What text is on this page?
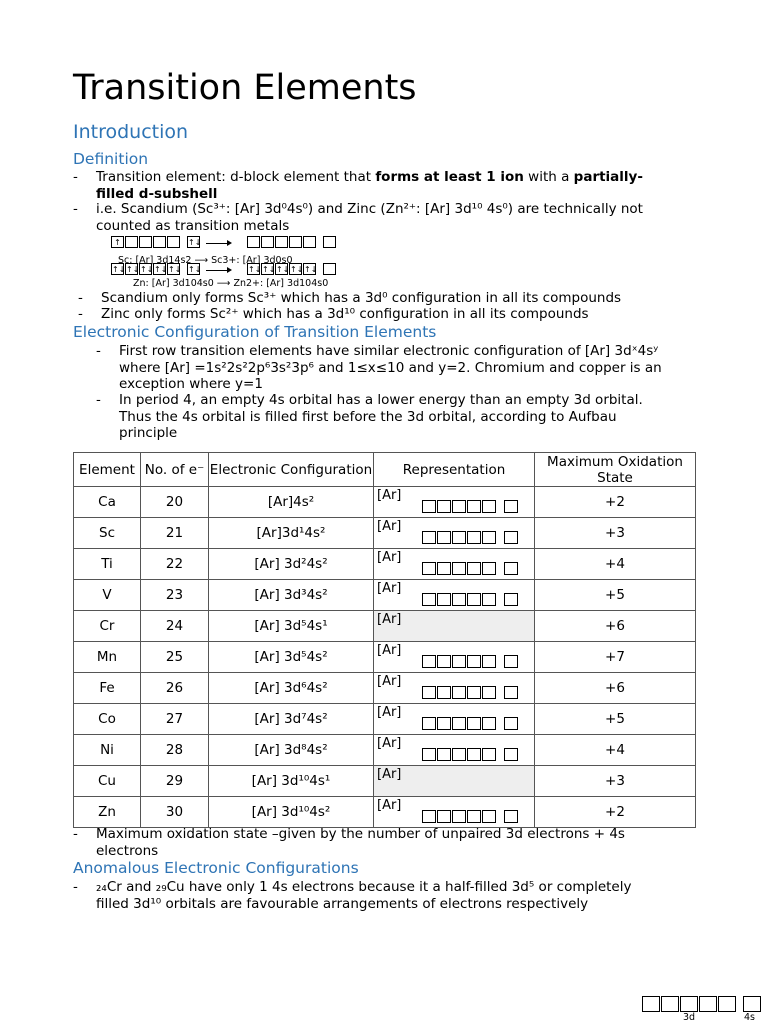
Transition Elements
Introduction
Definition
- Transition element: d-block element that forms at least 1 ion with a partially-
filled d-subshell
- i.e. Scandium (Sc³⁺: [Ar] 3d⁰4s⁰) and Zinc (Zn²⁺: [Ar] 3d¹⁰ 4s⁰) are technically not
counted as transition metals
↑	↑↓
Sc: [Ar] 3d14s2 ⟶ Sc3+: [Ar] 3d0s0
↑↓ ↑↓ ↑↓ ↑↓ ↑↓ ↑↓	↑↓ ↑↓ ↑↓ ↑↓ ↑↓
Zn: [Ar] 3d104s0 ⟶ Zn2+: [Ar] 3d104s0
- Scandium only forms Sc³⁺ which has a 3d⁰ configuration in all its compounds
- Zinc only forms Sc²⁺ which has a 3d¹⁰ configuration in all its compounds
Electronic Configuration of Transition Elements
- First row transition elements have similar electronic configuration of [Ar] 3dˣ4sʸ
where [Ar] =1s²2s²2p⁶3s²3p⁶ and 1≤x≤10 and y=2. Chromium and copper is an
exception where y=1
- In period 4, an empty 4s orbital has a lower energy than an empty 3d orbital.
Thus the 4s orbital is filled first before the 3d orbital, according to Aufbau
principle
Element	No. of e⁻	Electronic Configuration	Representation	Maximum Oxidation State
Ca	20	[Ar]4s²	[Ar]	+2
Sc	21	[Ar]3d¹4s²	[Ar]	+3
Ti	22	[Ar] 3d²4s²	[Ar]	+4
V	23	[Ar] 3d³4s²	[Ar]	+5
Cr	24	[Ar] 3d⁵4s¹	[Ar]	+6
Mn	25	[Ar] 3d⁵4s²	[Ar]	+7
Fe	26	[Ar] 3d⁶4s²	[Ar]	+6
Co	27	[Ar] 3d⁷4s²	[Ar]	+5
Ni	28	[Ar] 3d⁸4s²	[Ar]	+4
Cu	29	[Ar] 3d¹⁰4s¹	[Ar]	+3
Zn	30	[Ar] 3d¹⁰4s²	[Ar]	+2
- Maximum oxidation state –given by the number of unpaired 3d electrons + 4s
electrons
Anomalous Electronic Configurations
- ₂₄Cr and ₂₉Cu have only 1 4s electrons because it a half-filled 3d⁵ or completely
filled 3d¹⁰ orbitals are favourable arrangements of electrons respectively
3d	4s
